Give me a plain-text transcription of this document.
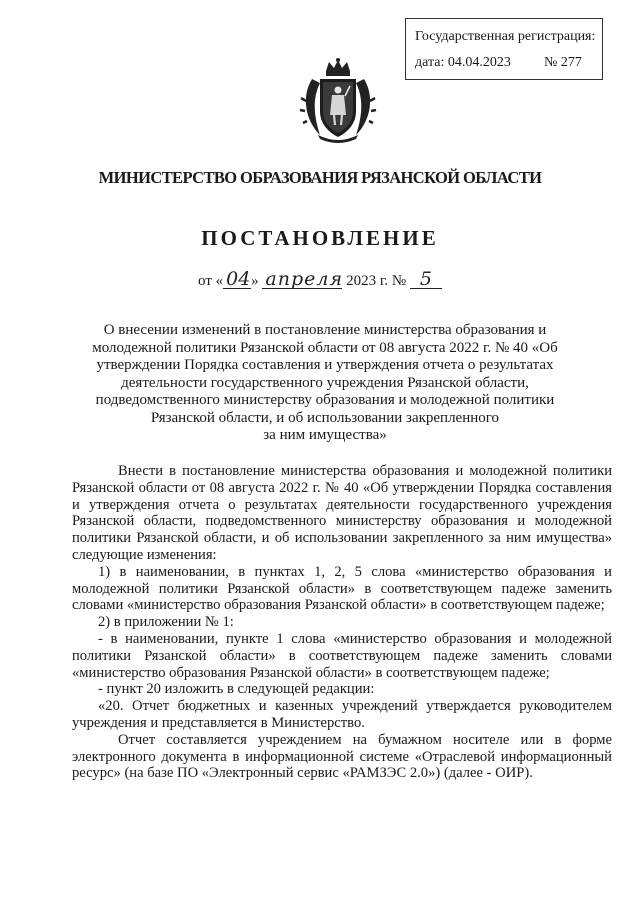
Государственная регистрация:
дата: 04.04.2023 № 277
МИНИСТЕРСТВО ОБРАЗОВАНИЯ РЯЗАНСКОЙ ОБЛАСТИ
ПОСТАНОВЛЕНИЕ
от « 04» апреля 2023 г. № 5
О внесении изменений в постановление министерства образования и
молодежной политики Рязанской области от 08 августа 2022 г. № 40 «Об
утверждении Порядка составления и утверждения отчета о результатах
деятельности государственного учреждения Рязанской области,
подведомственного министерству образования и молодежной политики
Рязанской области, и об использовании закрепленного
за ним имущества»

Внести в постановление министерства образования и молодежной политики Рязанской области от 08 августа 2022 г. № 40 «Об утверждении Порядка составления и утверждения отчета о результатах деятельности государственного учреждения Рязанской области, подведомственного министерству образования и молодежной политики Рязанской области, и об использовании закрепленного за ним имущества» следующие изменения:

1) в наименовании, в пунктах 1, 2, 5 слова «министерство образования и молодежной политики Рязанской области» в соответствующем падеже заменить словами «министерство образования Рязанской области» в соответствующем падеже;

2) в приложении № 1:

- в наименовании, пункте 1 слова «министерство образования и молодежной политики Рязанской области» в соответствующем падеже заменить словами «министерство образования Рязанской области» в соответствующем падеже;

- пункт 20 изложить в следующей редакции:

«20. Отчет бюджетных и казенных учреждений утверждается руководителем учреждения и представляется в Министерство.

Отчет составляется учреждением на бумажном носителе или в форме электронного документа в информационной системе «Отраслевой информационный ресурс» (на базе ПО «Электронный сервис «РАМЗЭС 2.0») (далее - ОИР).
